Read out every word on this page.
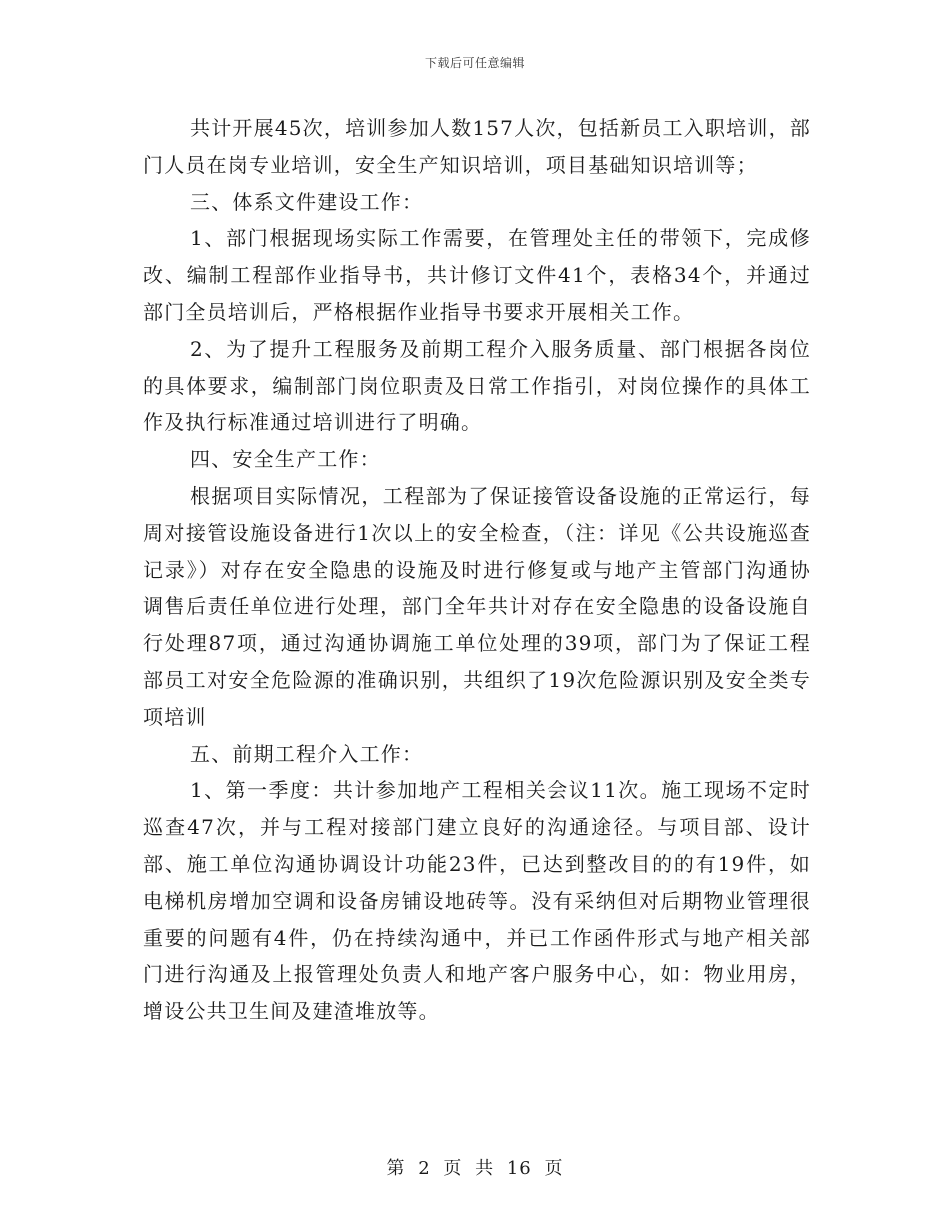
下载后可任意编辑

共计开展45次，培训参加人数157人次，包括新员工入职培训，部门人员在岗专业培训，安全生产知识培训，项目基础知识培训等；

三、体系文件建设工作：

1、部门根据现场实际工作需要，在管理处主任的带领下，完成修改、编制工程部作业指导书，共计修订文件41个，表格34个，并通过部门全员培训后，严格根据作业指导书要求开展相关工作。

2、为了提升工程服务及前期工程介入服务质量、部门根据各岗位的具体要求，编制部门岗位职责及日常工作指引，对岗位操作的具体工作及执行标准通过培训进行了明确。

四、安全生产工作：

根据项目实际情况，工程部为了保证接管设备设施的正常运行，每周对接管设施设备进行1次以上的安全检查，（注：详见《公共设施巡查记录》）对存在安全隐患的设施及时进行修复或与地产主管部门沟通协调售后责任单位进行处理，部门全年共计对存在安全隐患的设备设施自行处理87项，通过沟通协调施工单位处理的39项，部门为了保证工程部员工对安全危险源的准确识别，共组织了19次危险源识别及安全类专项培训

五、前期工程介入工作：

1、第一季度：共计参加地产工程相关会议11次。施工现场不定时巡查47次，并与工程对接部门建立良好的沟通途径。与项目部、设计部、施工单位沟通协调设计功能23件，已达到整改目的的有19件，如电梯机房增加空调和设备房铺设地砖等。没有采纳但对后期物业管理很重要的问题有4件，仍在持续沟通中，并已工作函件形式与地产相关部门进行沟通及上报管理处负责人和地产客户服务中心，如：物业用房，增设公共卫生间及建渣堆放等。

第 2 页 共 16 页
